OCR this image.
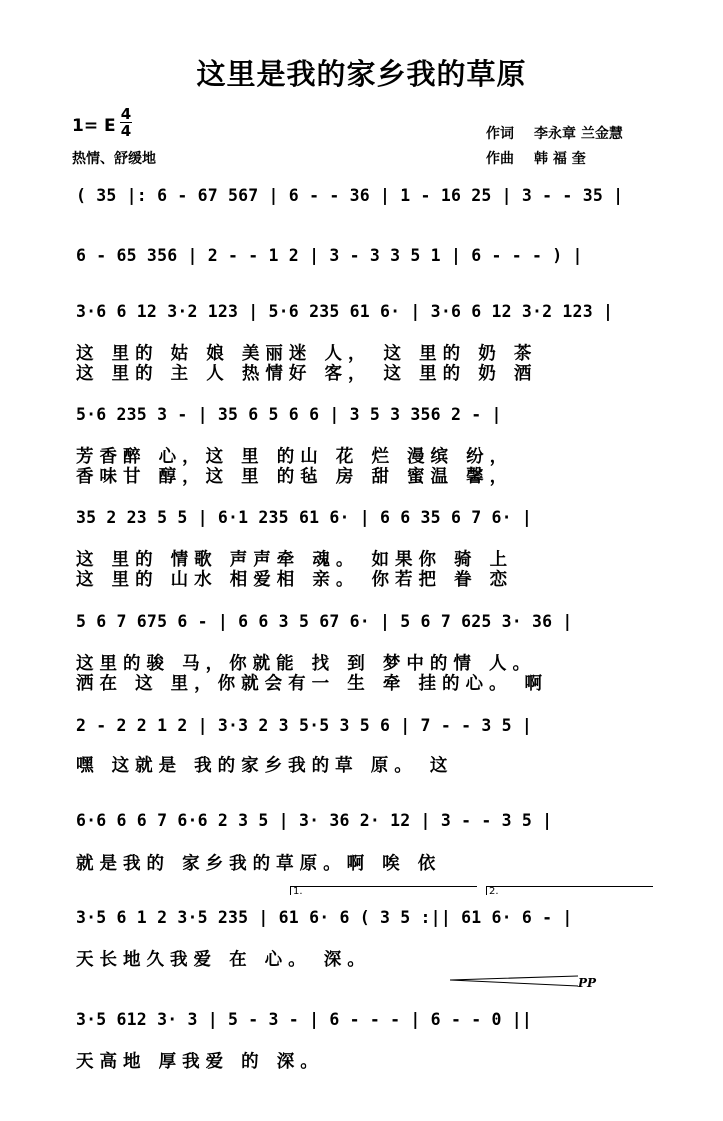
这里是我的家乡我的草原
1= E
4
4
热情、舒缓地
作词 李永章 兰金慧
作曲 韩 福 奎
( 35 |: 6 - 67 567 | 6 - - 36 | 1 - 16 25 | 3 - - 35 |
6 - 65 356 | 2 - - 1 2 | 3 - 3 3 5 1 | 6 - - - ) |
3·6 6 12 3·2 123 | 5·6 235 61 6· | 3·6 6 12 3·2 123 |
这 里的 姑 娘 美丽迷 人， 这 里的 奶 茶
这 里的 主 人 热情好 客， 这 里的 奶 酒
5·6 235 3 - | 35 6 5 6 6 | 3 5 3 356 2 - |
芳香醉 心，这 里 的山 花 烂 漫缤 纷，
香味甘 醇，这 里 的毡 房 甜 蜜温 馨，
35 2 23 5 5 | 6·1 235 61 6· | 6 6 35 6 7 6· |
这 里的 情歌 声声牵 魂。 如果你 骑 上
这 里的 山水 相爱相 亲。 你若把 眷 恋
5 6 7 675 6 - | 6 6 3 5 67 6· | 5 6 7 625 3· 36 |
这里的骏 马，你就能 找 到 梦中的情 人。
洒在 这 里，你就会有一 生 牵 挂的心。 啊
2 - 2 2 1 2 | 3·3 2 3 5·5 3 5 6 | 7 - - 3 5 |
嘿 这就是 我的家乡我的草 原。 这
6·6 6 6 7 6·6 2 3 5 | 3· 36 2· 12 | 3 - - 3 5 |
就是我的 家乡我的草原。啊 唉 依
1.	2.
3·5 6 1 2 3·5 235 | 61 6· 6 ( 3 5 :|| 61 6· 6 - |
天长地久我爱 在 心。 深。
PP
3·5 612 3· 3 | 5 - 3 - | 6 - - - | 6 - - 0 ||
天高地 厚我爱 的 深。
